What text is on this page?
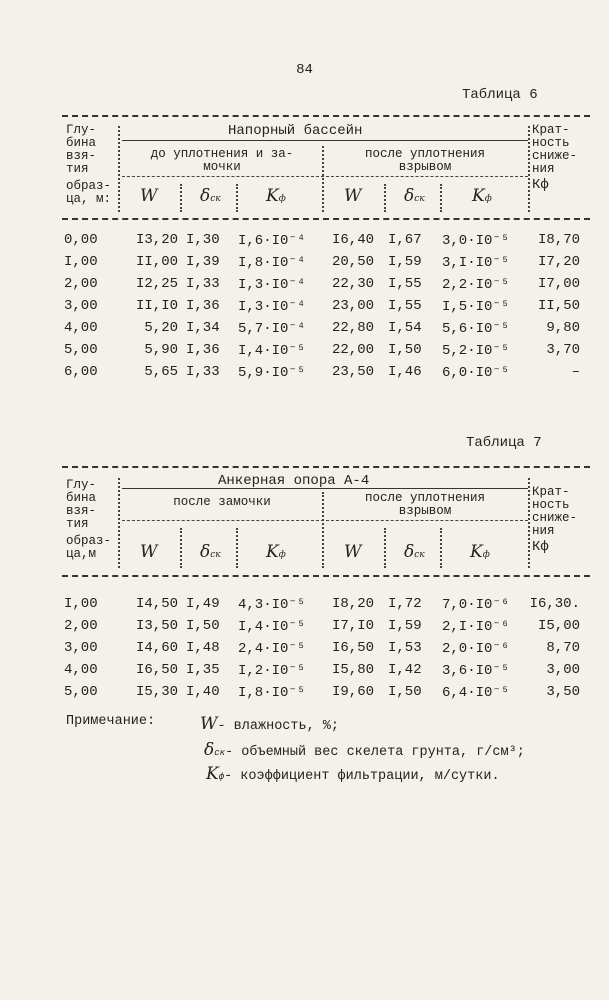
84
Таблица 6
Глу-
бина
взя-
тия
образ-
ца, м:
Напорный бассейн
до уплотнения и за-
мочки
после уплотнения
взрывом
Крат-
ность
сниже-
ния
Кф
W	δск	Kф	W	δск	Kф
0,00	I3,20 I,30	I,6·I0⁻⁴	I6,40 I,67	3,0·I0⁻⁵	I8,70
I,00	II,00 I,39	I,8·I0⁻⁴	20,50 I,59	3,I·I0⁻⁵	I7,20
2,00	I2,25 I,33	I,3·I0⁻⁴	22,30 I,55	2,2·I0⁻⁵	I7,00
3,00	II,I0 I,36	I,3·I0⁻⁴	23,00 I,55	I,5·I0⁻⁵	II,50
4,00	5,20 I,34	5,7·I0⁻⁴	22,80 I,54	5,6·I0⁻⁵	9,80
5,00	5,90 I,36	I,4·I0⁻⁵	22,00 I,50	5,2·I0⁻⁵	3,70
6,00	5,65 I,33	5,9·I0⁻⁵	23,50 I,46	6,0·I0⁻⁵	–
Таблица 7
Глу-
бина
взя-
тия
образ-
ца,м
Анкерная опора А-4
после замочки	после уплотнения
взрывом
Крат-
ность
сниже-
ния
Кф
W	δск	Kф	W	δск	Kф
I,00	I4,50 I,49	4,3·I0⁻⁵	I8,20 I,72	7,0·I0⁻⁶	I6,30.
2,00	I3,50 I,50	I,4·I0⁻⁵	I7,I0 I,59	2,I·I0⁻⁶	I5,00
3,00	I4,60 I,48	2,4·I0⁻⁵	I6,50 I,53	2,0·I0⁻⁶	8,70
4,00	I6,50 I,35	I,2·I0⁻⁵	I5,80 I,42	3,6·I0⁻⁵	3,00
5,00	I5,30 I,40	I,8·I0⁻⁵	I9,60 I,50	6,4·I0⁻⁵	3,50
Примечание:	W- влажность, %;
δск- объемный вес скелета грунта, г/см³;
Kф- коэффициент фильтрации, м/сутки.
